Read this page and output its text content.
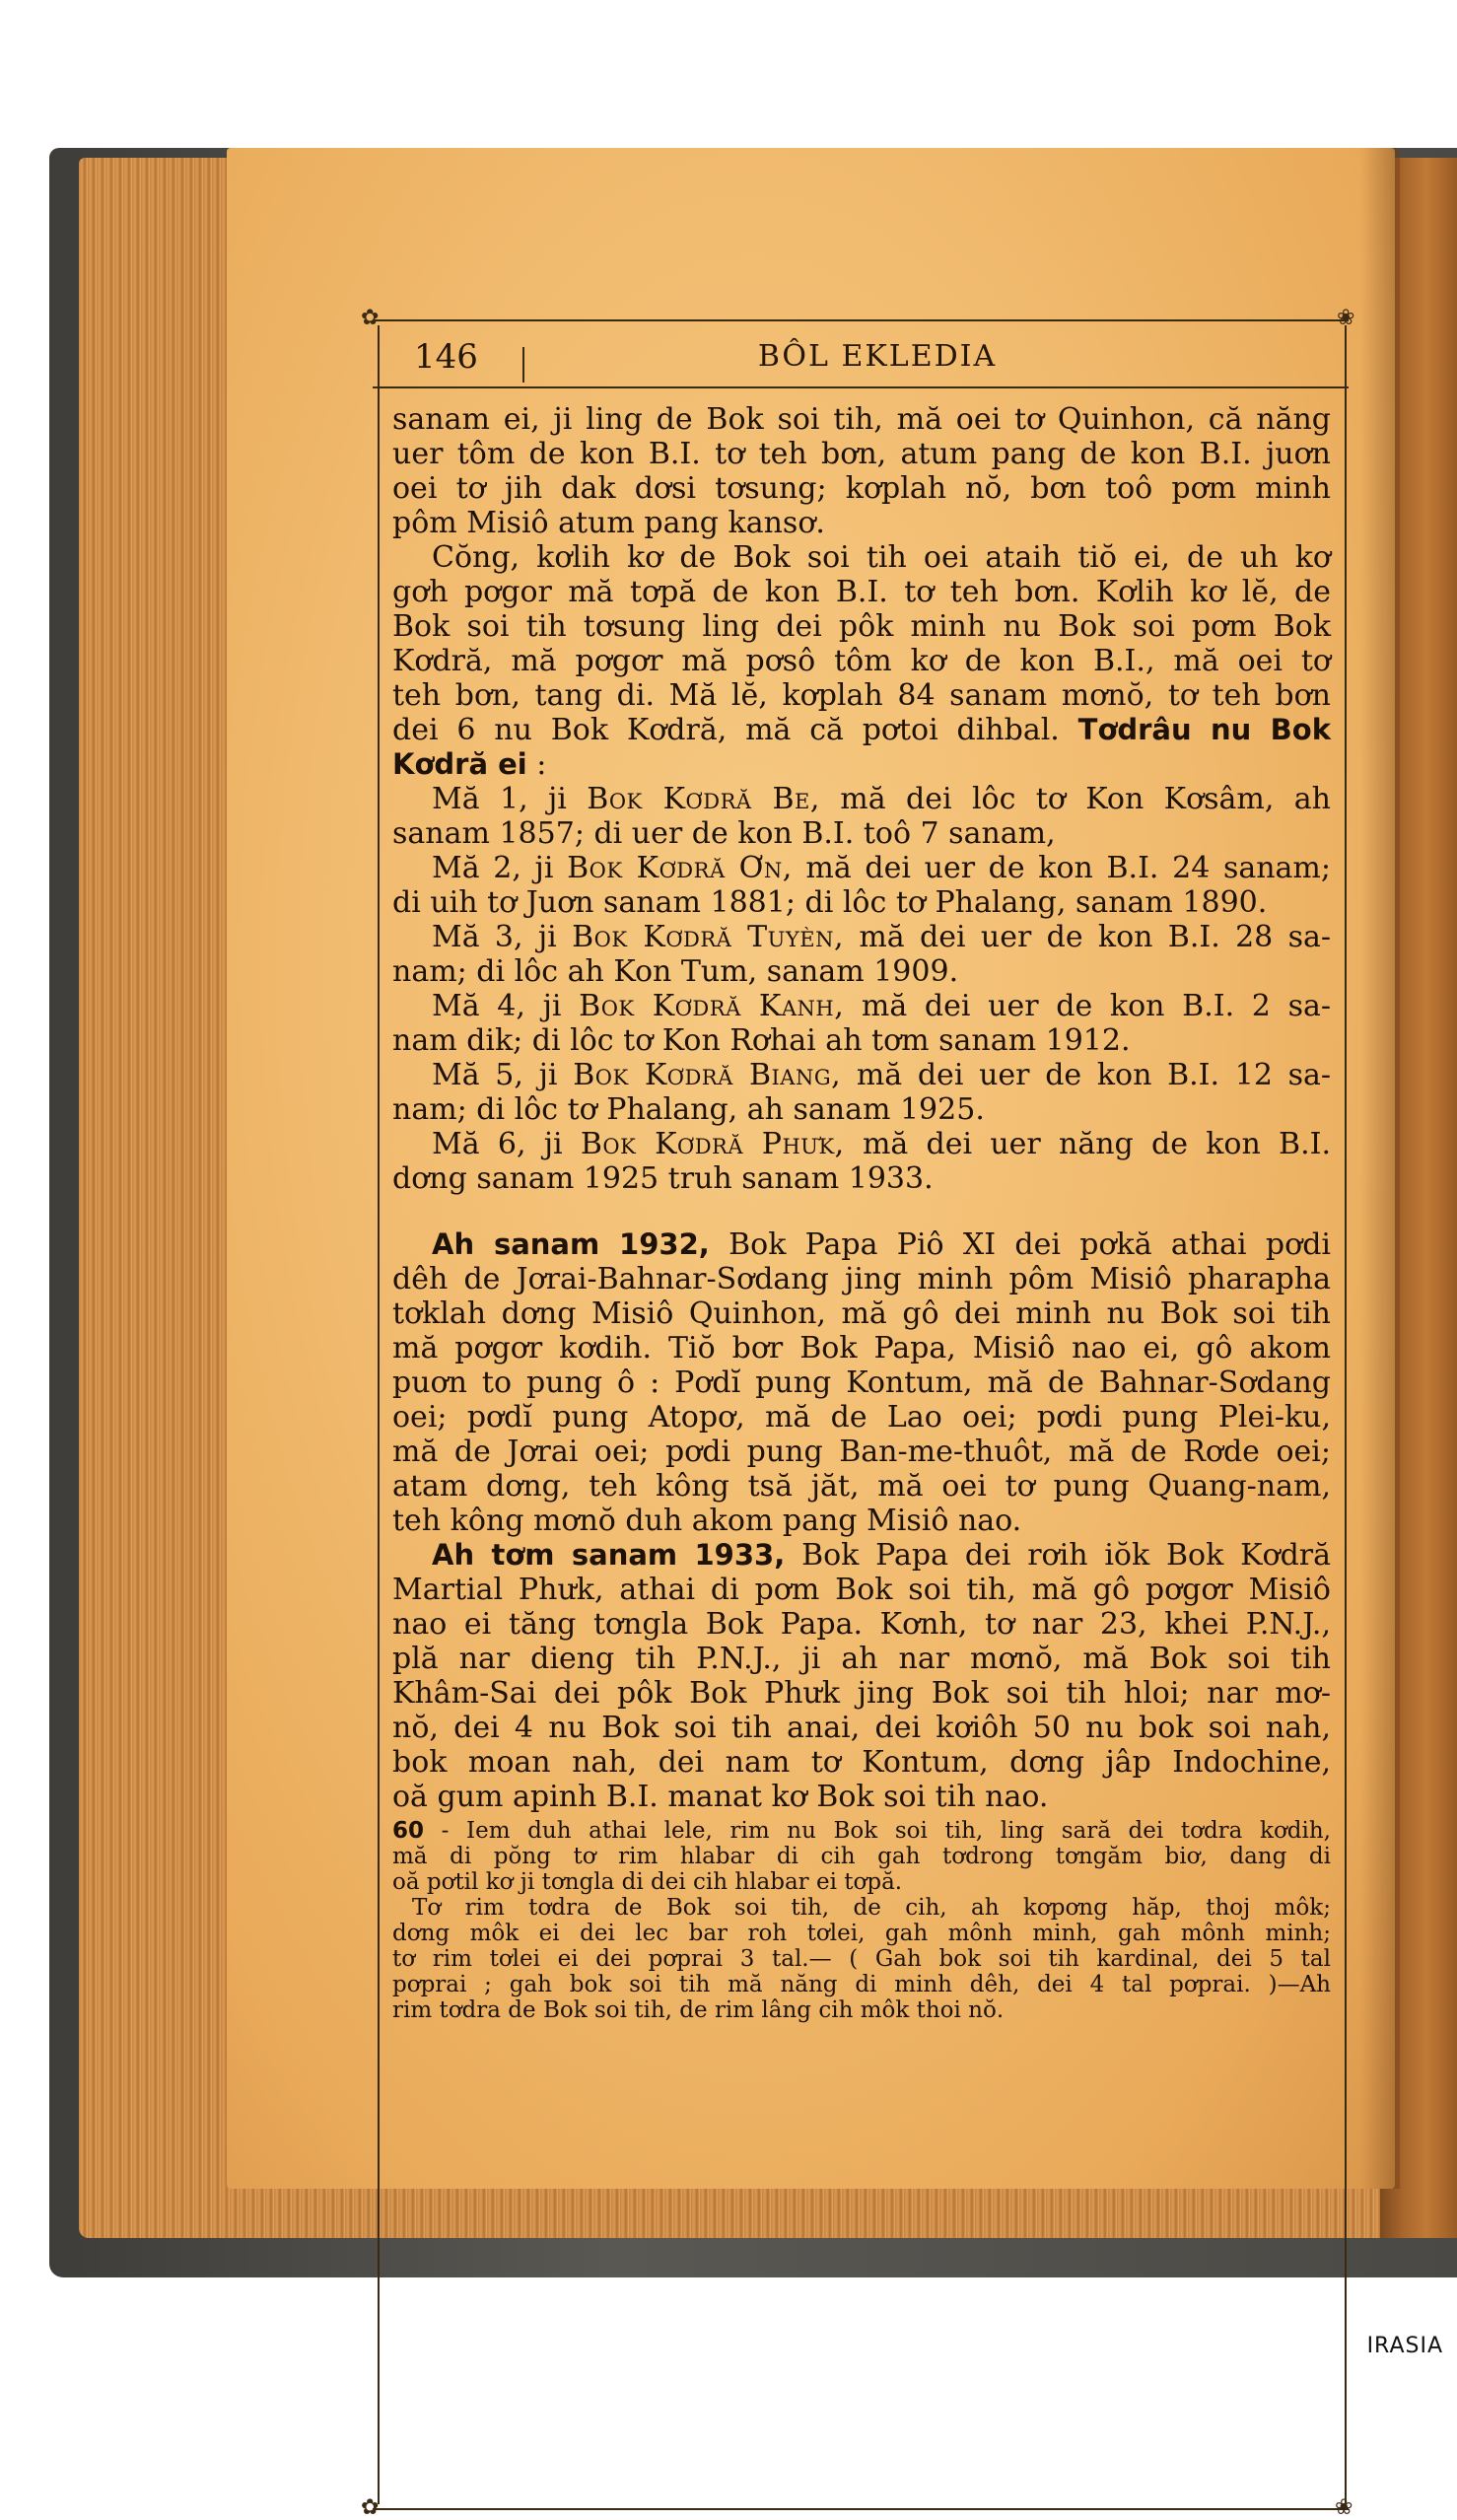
✿	❀
✿	❀
146	BÔL EKLEDIA
sanam ei, ji ling de Bok soi tih, mă oei tơ Quinhon, că năng
uer tôm de kon B.I. tơ teh bơn, atum pang de kon B.I. juơn
oei tơ jih dak dơsi tơsung; kơplah nŏ, bơn toô pơm minh
pôm Misiô atum pang kansơ.
Cŏng, kơlih kơ de Bok soi tih oei ataih tiŏ ei, de uh kơ
gơh pơgor mă tơpă de kon B.I. tơ teh bơn. Kơlih kơ lĕ, de
Bok soi tih tơsung ling dei pôk minh nu Bok soi pơm Bok
Kơdră, mă pơgơr mă pơsô tôm kơ de kon B.I., mă oei tơ
teh bơn, tang di. Mă lĕ, kơplah 84 sanam mơnŏ, tơ teh bơn
dei 6 nu Bok Kơdră, mă că pơtoi dihbal. Tơdrâu nu Bok
Kơdră ei :
Mă 1, ji Bok Kơdră Be, mă dei lôc tơ Kon Kơsâm, ah
sanam 1857; di uer de kon B.I. toô 7 sanam,
Mă 2, ji Bok Kơdră Ơn, mă dei uer de kon B.I. 24 sanam;
di uih tơ Juơn sanam 1881; di lôc tơ Phalang, sanam 1890.
Mă 3, ji Bok Kơdră Tuyèn, mă dei uer de kon B.I. 28 sa-
nam; di lôc ah Kon Tum, sanam 1909.
Mă 4, ji Bok Kơdră Kanh, mă dei uer de kon B.I. 2 sa-
nam dik; di lôc tơ Kon Rơhai ah tơm sanam 1912.
Mă 5, ji Bok Kơdră Biang, mă dei uer de kon B.I. 12 sa-
nam; di lôc tơ Phalang, ah sanam 1925.
Mă 6, ji Bok Kơdră Phưk, mă dei uer năng de kon B.I.
dơng sanam 1925 truh sanam 1933.
Ah sanam 1932, Bok Papa Piô XI dei pơkă athai pơdi
dêh de Jơrai-Bahnar-Sơdang jing minh pôm Misiô pharapha
tơklah dơng Misiô Quinhon, mă gô dei minh nu Bok soi tih
mă pơgơr kơdih. Tiŏ bơr Bok Papa, Misiô nao ei, gô akom
puơn to pung ô : Pơdĭ pung Kontum, mă de Bahnar-Sơdang
oei; pơdĭ pung Atopơ, mă de Lao oei; pơdi pung Plei-ku,
mă de Jơrai oei; pơdi pung Ban-me-thuôt, mă de Rơde oei;
atam dơng, teh kông tsă jăt, mă oei tơ pung Quang-nam,
teh kông mơnŏ duh akom pang Misiô nao.
Ah tơm sanam 1933, Bok Papa dei rơih iŏk Bok Kơdră
Martial Phưk, athai di pơm Bok soi tih, mă gô pơgơr Misiô
nao ei tăng tơngla Bok Papa. Kơnh, tơ nar 23, khei P.N.J.,
plă nar dieng tih P.N.J., ji ah nar mơnŏ, mă Bok soi tih
Khâm-Sai dei pôk Bok Phưk jing Bok soi tih hloi; nar mơ-
nŏ, dei 4 nu Bok soi tih anai, dei kơiôh 50 nu bok soi nah,
bok moan nah, dei nam tơ Kontum, dơng jâp Indochine,
oă gum apinh B.I. manat kơ Bok soi tih nao.
60 - Iem duh athai lele, rim nu Bok soi tih, ling sară dei tơdra kơdih,
mă di pŏng tơ rim hlabar di cih gah tơdrong tơngăm biơ, dang di
oă pơtil kơ ji tơngla di dei cih hlabar ei tơpă.
Tơ rim tơdra de Bok soi tih, de cih, ah kơpơng hăp, thoj môk;
dơng môk ei dei lec bar roh tơlei, gah mônh minh, gah mônh minh;
tơ rim tơlei ei dei pơprai 3 tal.— ( Gah bok soi tih kardinal, dei 5 tal
pơprai ; gah bok soi tih mă năng di minh dêh, dei 4 tal pơprai. )—Ah
rim tơdra de Bok soi tih, de rim lâng cih môk thoi nŏ.
IRASIA
